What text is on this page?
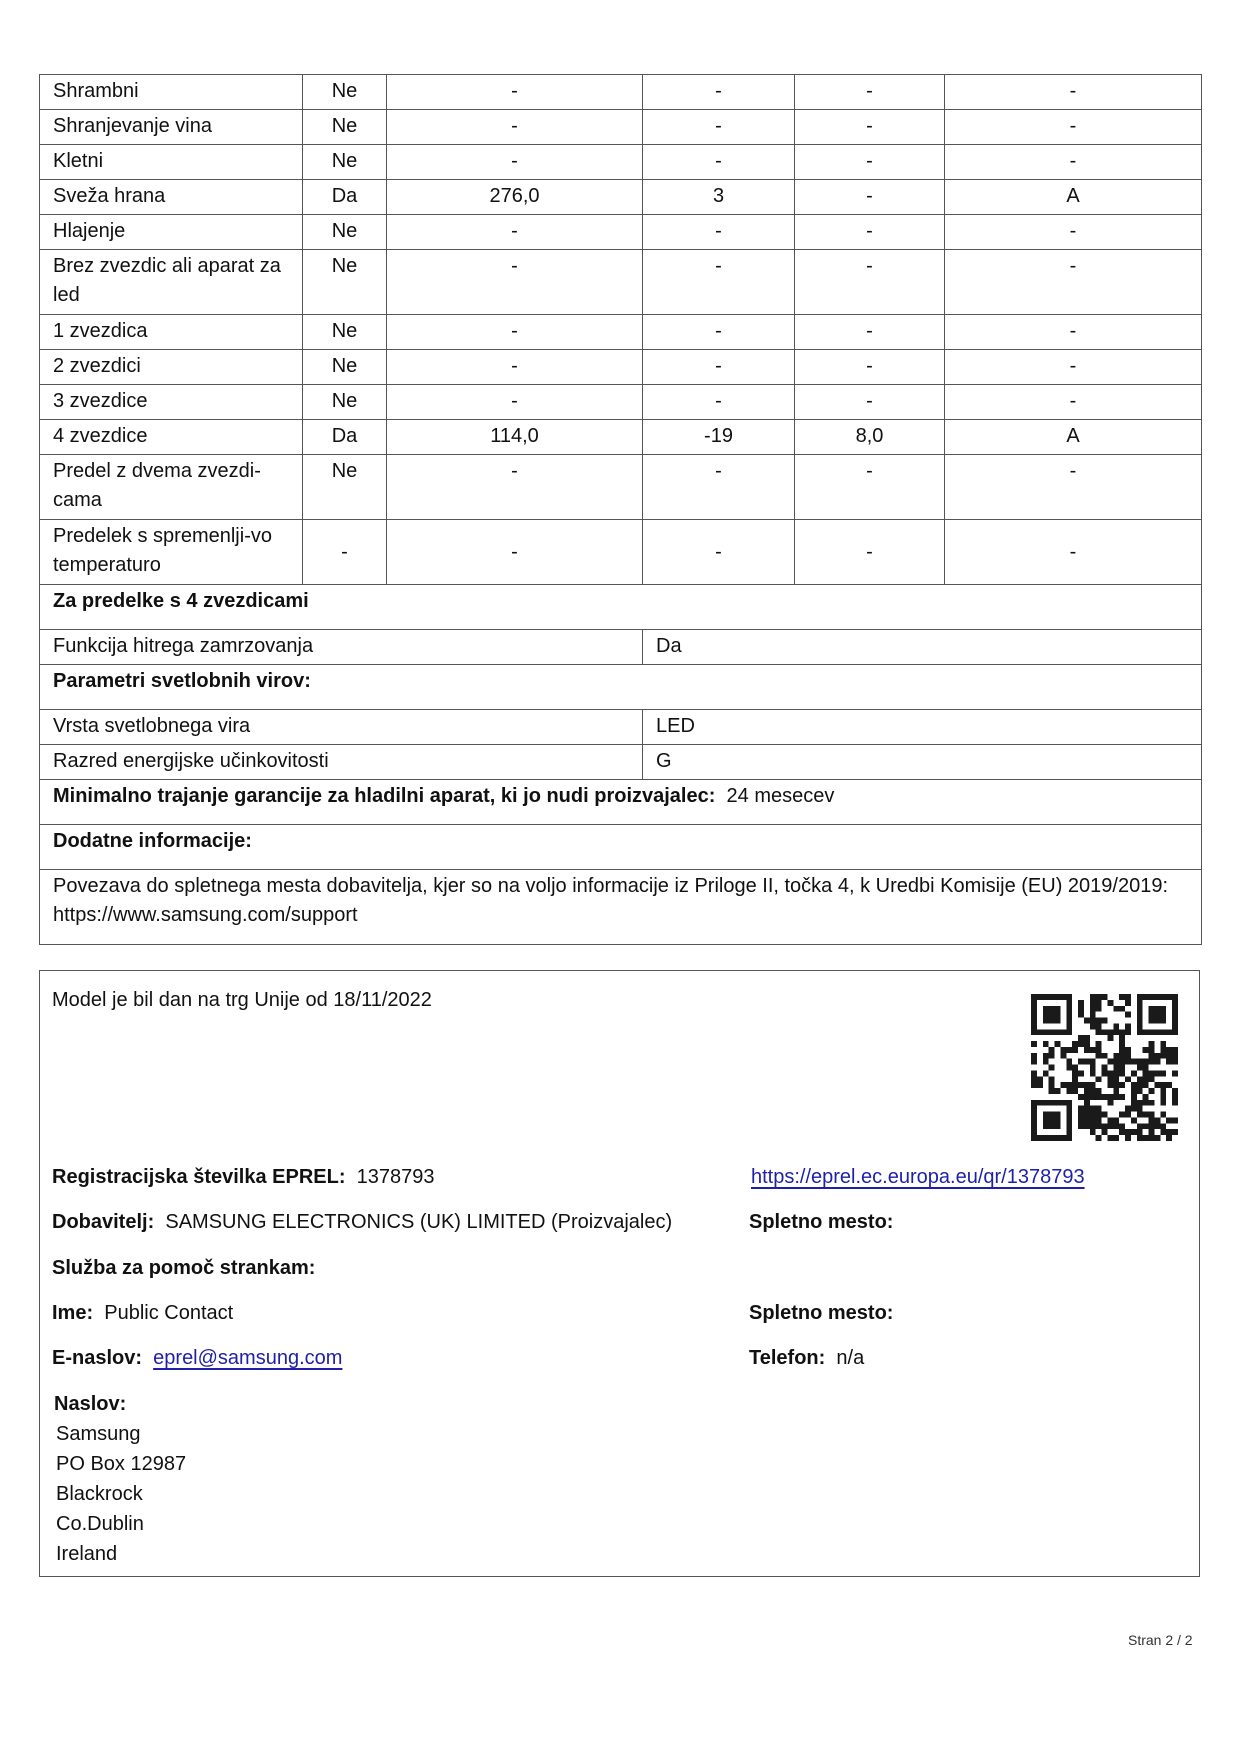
Shrambni	Ne	-	-	-	-
Shranjevanje vina	Ne	-	-	-	-
Kletni	Ne	-	-	-	-
Sveža hrana	Da	276,0	3	-	A
Hlajenje	Ne	-	-	-	-
Brez zvezdic ali aparat za led	Ne	-	-	-	-
1 zvezdica	Ne	-	-	-	-
2 zvezdici	Ne	-	-	-	-
3 zvezdice	Ne	-	-	-	-
4 zvezdice	Da	114,0	-19	8,0	A
Predel z dvema zvezdi-cama	Ne	-	-	-	-
Predelek s spremenlji-vo temperaturo	-	-	-	-	-
Za predelke s 4 zvezdicami					
Funkcija hitrega zamrzovanja			Da		
Parametri svetlobnih virov:					
Vrsta svetlobnega vira			LED		
Razred energijske učinkovitosti			G		
Minimalno trajanje garancije za hladilni aparat, ki jo nudi proizvajalec: 24 mesecev					
Dodatne informacije:					
Povezava do spletnega mesta dobavitelja, kjer so na voljo informacije iz Priloge II, točka 4, k Uredbi Komisije (EU) 2019/2019:  https://www.samsung.com/support					
Model je bil dan na trg Unije od 18/11/2022
Registracijska številka EPREL: 1378793	https://eprel.ec.europa.eu/qr/1378793
Dobavitelj: SAMSUNG ELECTRONICS (UK) LIMITED (Proizvajalec)	Spletno mesto:
Služba za pomoč strankam:
Ime: Public Contact	Spletno mesto:
E-naslov: eprel@samsung.com	Telefon: n/a
Naslov:
Samsung
PO Box 12987
Blackrock
Co.Dublin
Ireland
Stran 2 / 2
